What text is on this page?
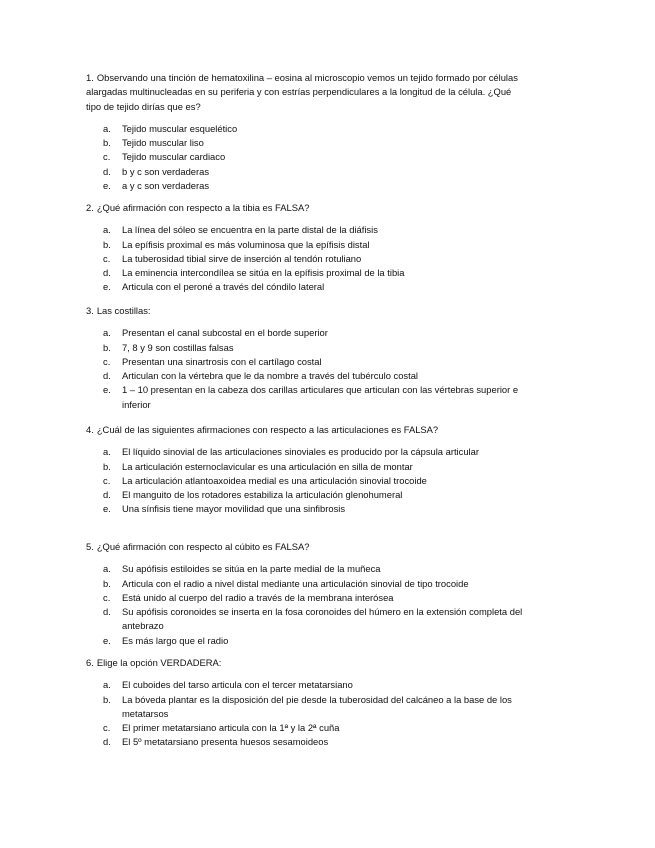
1. Observando una tinción de hematoxilina – eosina al microscopio vemos un tejido formado por células alargadas multinucleadas en su periferia y con estrías perpendiculares a la longitud de la célula. ¿Qué tipo de tejido dirías que es?
a. Tejido muscular esquelético
b. Tejido muscular liso
c. Tejido muscular cardiaco
d. b y c son verdaderas
e. a y c son verdaderas
2. ¿Qué afirmación con respecto a la tibia es FALSA?
a. La línea del sóleo se encuentra en la parte distal de la diáfisis
b. La epífisis proximal es más voluminosa que la epífisis distal
c. La tuberosidad tibial sirve de inserción al tendón rotuliano
d. La eminencia intercondílea se sitúa en la epífisis proximal de la tibia
e. Articula con el peroné a través del cóndilo lateral
3. Las costillas:
a. Presentan el canal subcostal en el borde superior
b. 7, 8 y 9 son costillas falsas
c. Presentan una sinartrosis con el cartílago costal
d. Articulan con la vértebra que le da nombre a través del tubérculo costal
e. 1 – 10 presentan en la cabeza dos carillas articulares que articulan con las vértebras superior e inferior
4. ¿Cuál de las siguientes afirmaciones con respecto a las articulaciones es FALSA?
a. El líquido sinovial de las articulaciones sinoviales es producido por la cápsula articular
b. La articulación esternoclavicular es una articulación en silla de montar
c. La articulación atlantoaxoidea medial es una articulación sinovial trocoide
d. El manguito de los rotadores estabiliza la articulación glenohumeral
e. Una sínfisis tiene mayor movilidad que una sinfibrosis
5. ¿Qué afirmación con respecto al cúbito es FALSA?
a. Su apófisis estiloides se sitúa en la parte medial de la muñeca
b. Articula con el radio a nivel distal mediante una articulación sinovial de tipo trocoide
c. Está unido al cuerpo del radio a través de la membrana interósea
d. Su apófisis coronoides se inserta en la fosa coronoides del húmero en la extensión completa del antebrazo
e. Es más largo que el radio
6. Elige la opción VERDADERA:
a. El cuboides del tarso articula con el tercer metatarsiano
b. La bóveda plantar es la disposición del pie desde la tuberosidad del calcáneo a la base de los metatarsos
c. El primer metatarsiano articula con la 1ª y la 2ª cuña
d. El 5º metatarsiano presenta huesos sesamoideos
